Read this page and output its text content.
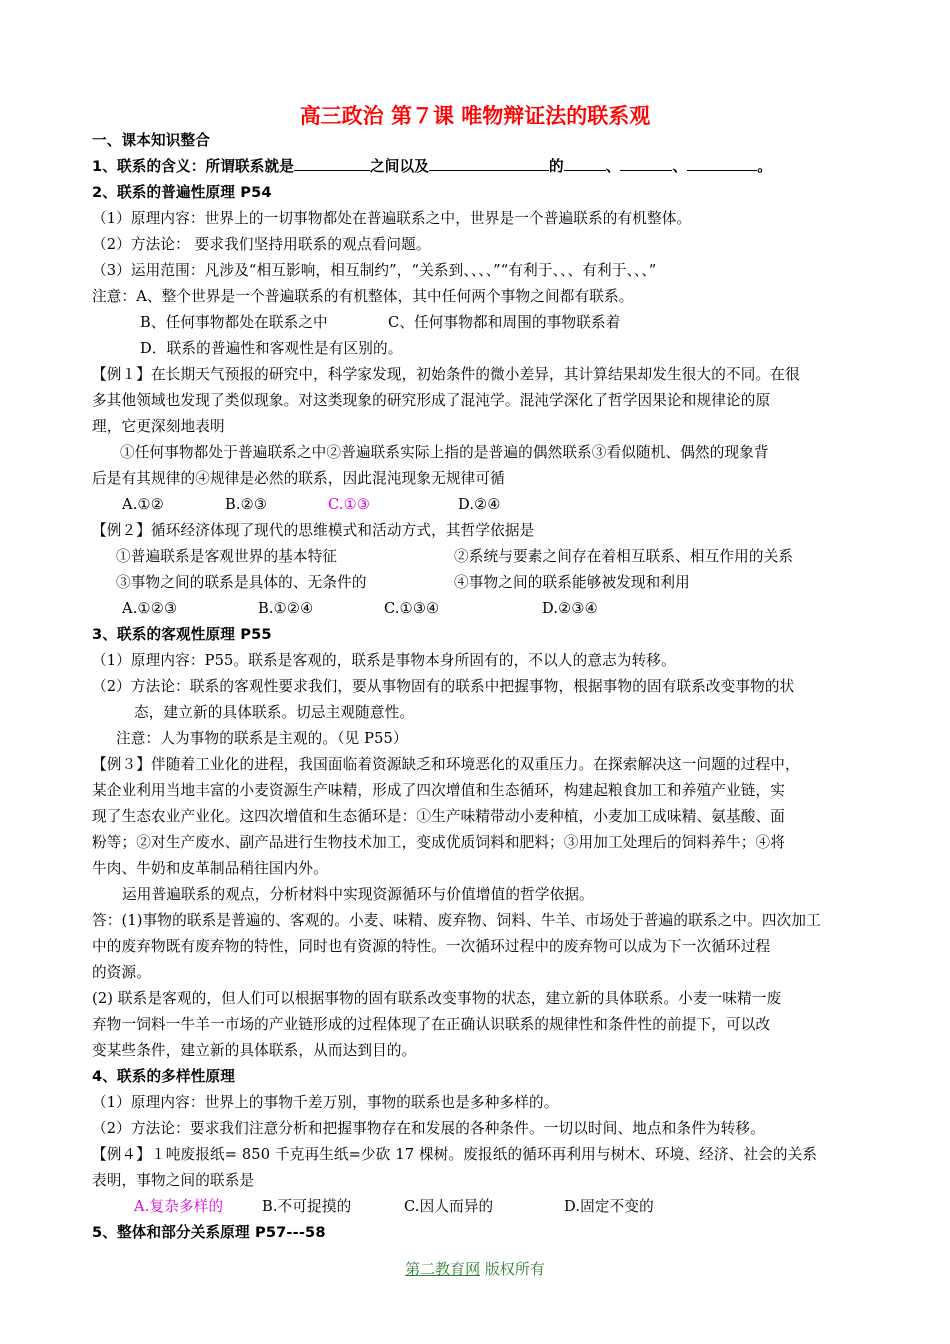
高三政治 第７课 唯物辩证法的联系观
一、课本知识整合
1、联系的含义：所谓联系就是	之间以及	的	、	、	。
2、联系的普遍性原理 P54
（1）原理内容：世界上的一切事物都处在普遍联系之中，世界是一个普遍联系的有机整体。
（2）方法论： 要求我们坚持用联系的观点看问题。
（3）运用范围：凡涉及“相互影响，相互制约”，“关系到、、、、”“有利于、、、有利于、、、”
注意：A、整个世界是一个普遍联系的有机整体，其中任何两个事物之间都有联系。
B、任何事物都处在联系之中	C、任何事物都和周围的事物联系着
D．联系的普遍性和客观性是有区别的。
【例１】在长期天气预报的研究中，科学家发现，初始条件的微小差异，其计算结果却发生很大的不同。在很
多其他领域也发现了类似现象。对这类现象的研究形成了混沌学。混沌学深化了哲学因果论和规律论的原
理，它更深刻地表明
①任何事物都处于普遍联系之中②普遍联系实际上指的是普遍的偶然联系③看似随机、偶然的现象背
后是有其规律的④规律是必然的联系，因此混沌现象无规律可循
A.①②	B.②③	C.①③	D.②④
【例２】循环经济体现了现代的思维模式和活动方式，其哲学依据是
①普遍联系是客观世界的基本特征	②系统与要素之间存在着相互联系、相互作用的关系
③事物之间的联系是具体的、无条件的	④事物之间的联系能够被发现和利用
A.①②③	B.①②④	C.①③④	D.②③④
3、联系的客观性原理 P55
（1）原理内容：P55。联系是客观的，联系是事物本身所固有的，不以人的意志为转移。
（2）方法论：联系的客观性要求我们，要从事物固有的联系中把握事物，根据事物的固有联系改变事物的状
态，建立新的具体联系。切忌主观随意性。
注意：人为事物的联系是主观的。（见 P55）
【例３】伴随着工业化的进程，我国面临着资源缺乏和环境恶化的双重压力。在探索解决这一问题的过程中，
某企业利用当地丰富的小麦资源生产味精，形成了四次增值和生态循环，构建起粮食加工和养殖产业链，实
现了生态农业产业化。这四次增值和生态循环是：①生产味精带动小麦种植，小麦加工成味精、氨基酸、面
粉等；②对生产废水、副产品进行生物技术加工，变成优质饲料和肥料；③用加工处理后的饲料养牛；④将
牛肉、牛奶和皮革制品稍往国内外。
运用普遍联系的观点，分析材料中实现资源循环与价值增值的哲学依据。
答：(1)事物的联系是普遍的、客观的。小麦、味精、废弃物、饲料、牛羊、市场处于普遍的联系之中。四次加工
中的废弃物既有废弃物的特性，同时也有资源的特性。一次循环过程中的废弃物可以成为下一次循环过程
的资源。
(2) 联系是客观的，但人们可以根据事物的固有联系改变事物的状态，建立新的具体联系。小麦一味精一废
弃物一饲料一牛羊一市场的产业链形成的过程体现了在正确认识联系的规律性和条件性的前提下，可以改
变某些条件，建立新的具体联系，从而达到目的。
4、联系的多样性原理
（1）原理内容：世界上的事物千差万别，事物的联系也是多种多样的。
（2）方法论：要求我们注意分析和把握事物存在和发展的各种条件。一切以时间、地点和条件为转移。
【例４】１吨废报纸= 850 千克再生纸=少砍 17 棵树。废报纸的循环再利用与树木、环境、经济、社会的关系
表明，事物之间的联系是
A.复杂多样的	B.不可捉摸的	C.因人而异的	D.固定不变的
5、整体和部分关系原理 P57---58
第二教育网 版权所有
